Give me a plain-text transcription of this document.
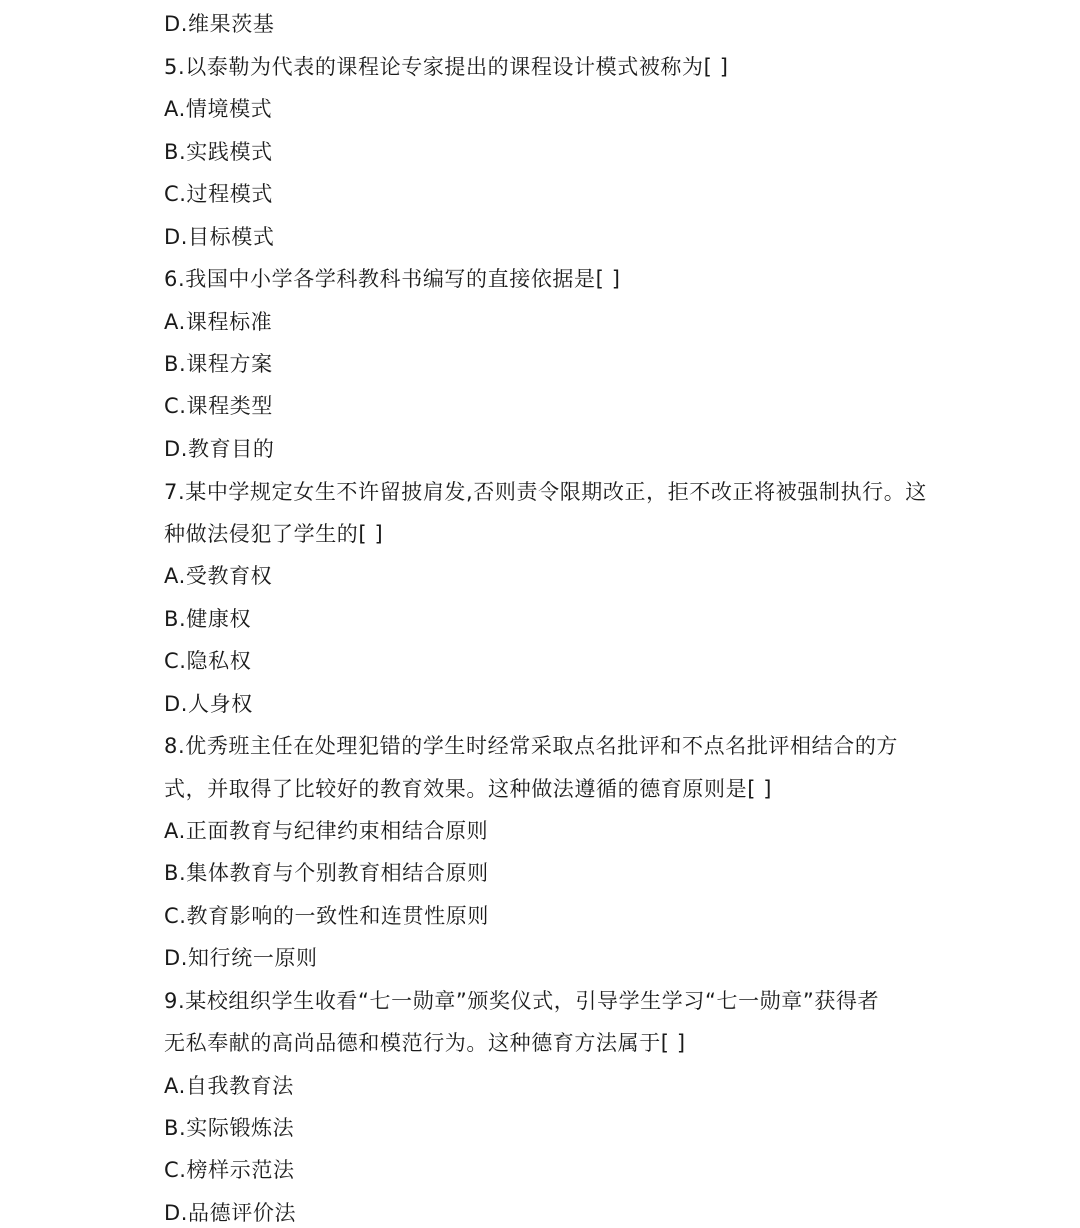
D.维果茨基
5.以泰勒为代表的课程论专家提出的课程设计模式被称为[ ]
A.情境模式
B.实践模式
C.过程模式
D.目标模式
6.我国中小学各学科教科书编写的直接依据是[ ]
A.课程标准
B.课程方案
C.课程类型
D.教育目的
7.某中学规定女生不许留披肩发,否则责令限期改正，拒不改正将被强制执行。这
种做法侵犯了学生的[ ]
A.受教育权
B.健康权
C.隐私权
D.人身权
8.优秀班主任在处理犯错的学生时经常采取点名批评和不点名批评相结合的方
式，并取得了比较好的教育效果。这种做法遵循的德育原则是[ ]
A.正面教育与纪律约束相结合原则
B.集体教育与个别教育相结合原则
C.教育影响的一致性和连贯性原则
D.知行统一原则
9.某校组织学生收看“七一勋章”颁奖仪式，引导学生学习“七一勋章”获得者
无私奉献的高尚品德和模范行为。这种德育方法属于[ ]
A.自我教育法
B.实际锻炼法
C.榜样示范法
D.品德评价法
